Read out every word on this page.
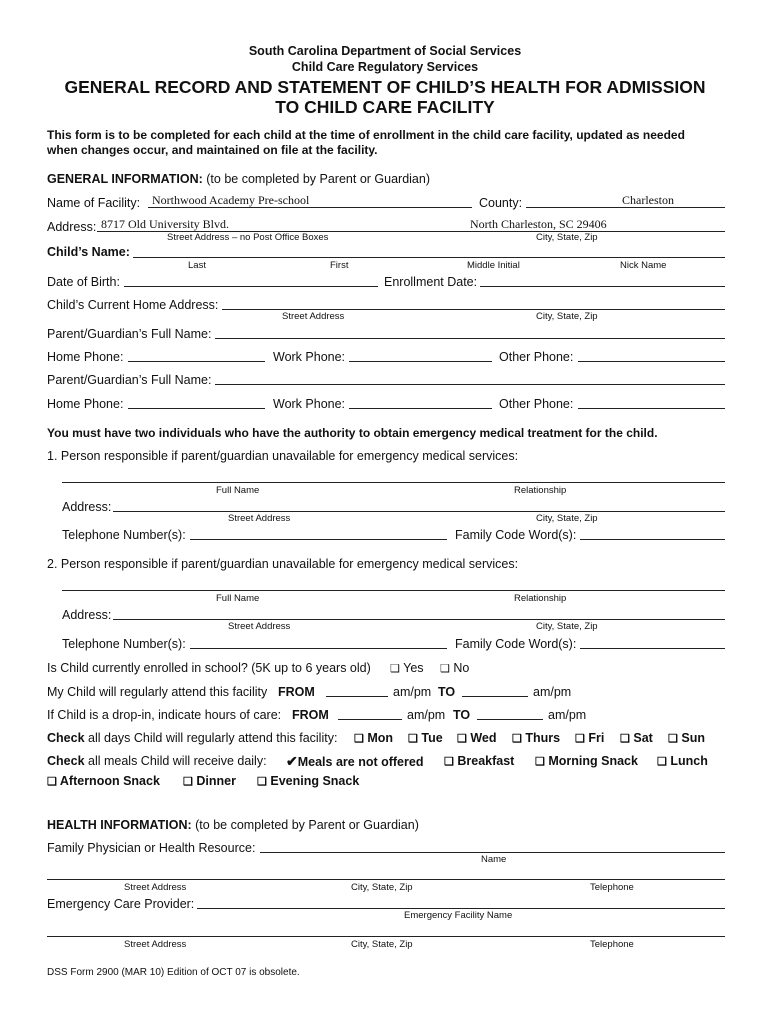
South Carolina Department of Social Services
Child Care Regulatory Services
GENERAL RECORD AND STATEMENT OF CHILD’S HEALTH FOR ADMISSION
TO CHILD CARE FACILITY
This form is to be completed for each child at the time of enrollment in the child care facility, updated as needed
when changes occur, and maintained on file at the facility.
GENERAL INFORMATION: (to be completed by Parent or Guardian)
Name of Facility: Northwood Academy Pre-school	County:	Charleston
Address: 8717 Old University Blvd.	North Charleston, SC 29406
Street Address – no Post Office Boxes	City, State, Zip
Child’s Name:
Last	First	Middle Initial	Nick Name
Date of Birth:	Enrollment Date:
Child’s Current Home Address:
Street Address	City, State, Zip
Parent/Guardian’s Full Name:
Home Phone:	Work Phone:	Other Phone:
Parent/Guardian’s Full Name:
Home Phone:	Work Phone:	Other Phone:
You must have two individuals who have the authority to obtain emergency medical treatment for the child.
1. Person responsible if parent/guardian unavailable for emergency medical services:
Full Name	Relationship
Address:
Street Address	City, State, Zip
Telephone Number(s):	Family Code Word(s):
2. Person responsible if parent/guardian unavailable for emergency medical services:
Full Name	Relationship
Address:
Street Address	City, State, Zip
Telephone Number(s):	Family Code Word(s):
Is Child currently enrolled in school? (5K up to 6 years old) ❑ Yes ❑ No
My Child will regularly attend this facility FROM	am/pm TO	am/pm
If Child is a drop-in, indicate hours of care: FROM	am/pm TO	am/pm
Check all days Child will regularly attend this facility: ❑ Mon ❑ Tue ❑ Wed ❑ Thurs ❑ Fri ❑ Sat ❑ Sun
Check all meals Child will receive daily: ✔Meals are not offered ❑ Breakfast ❑ Morning Snack ❑ Lunch
❑ Afternoon Snack ❑ Dinner ❑ Evening Snack
HEALTH INFORMATION: (to be completed by Parent or Guardian)
Family Physician or Health Resource:
Name
Street Address	City, State, Zip	Telephone
Emergency Care Provider:
Emergency Facility Name
Street Address	City, State, Zip	Telephone
DSS Form 2900 (MAR 10) Edition of OCT 07 is obsolete.
